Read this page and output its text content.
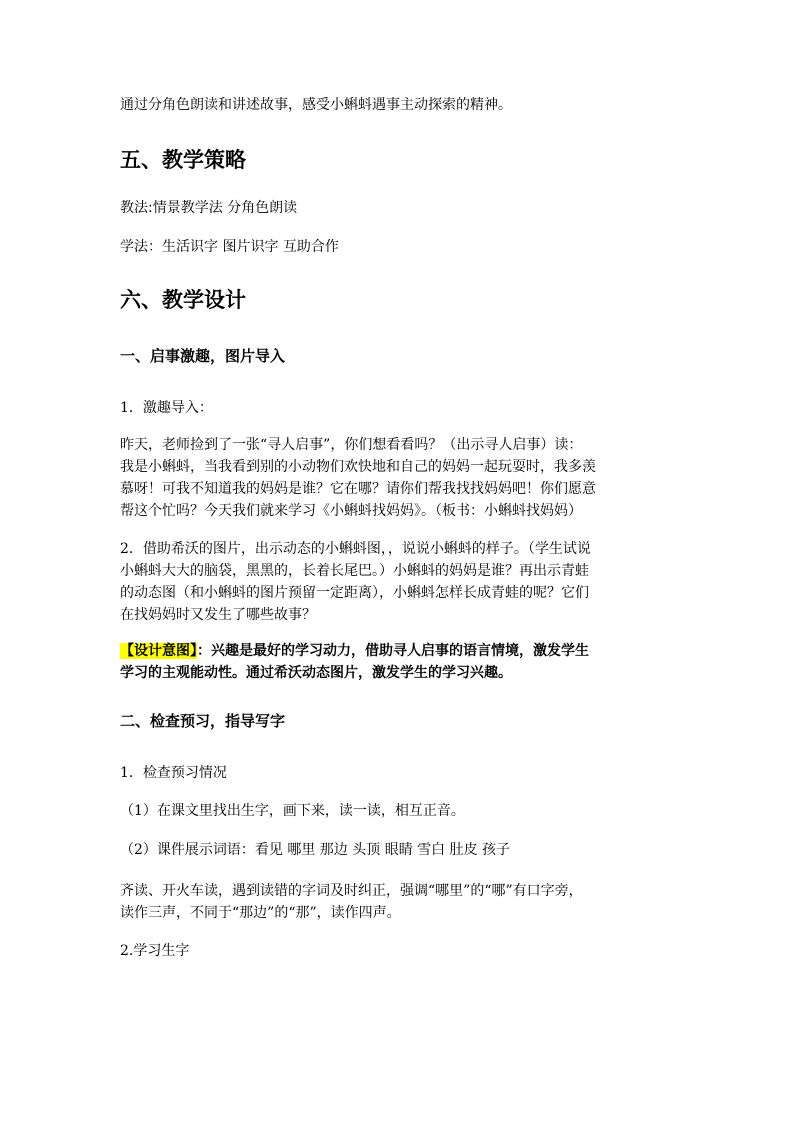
通过分角色朗读和讲述故事，感受小蝌蚪遇事主动探索的精神。
五、教学策略
教法:情景教学法 分角色朗读
学法：生活识字 图片识字 互助合作
六、教学设计
一、启事激趣，图片导入
1．激趣导入：
昨天，老师捡到了一张“寻人启事”，你们想看看吗？（出示寻人启事）读：
我是小蝌蚪，当我看到别的小动物们欢快地和自己的妈妈一起玩耍时，我多羡
慕呀！可我不知道我的妈妈是谁？它在哪？请你们帮我找找妈妈吧！你们愿意
帮这个忙吗？今天我们就来学习《小蝌蚪找妈妈》。（板书：小蝌蚪找妈妈）
2．借助希沃的图片，出示动态的小蝌蚪图，，说说小蝌蚪的样子。（学生试说
小蝌蚪大大的脑袋，黑黑的，长着长尾巴。）小蝌蚪的妈妈是谁？再出示青蛙
的动态图（和小蝌蚪的图片预留一定距离），小蝌蚪怎样长成青蛙的呢？它们
在找妈妈时又发生了哪些故事？
【设计意图】：兴趣是最好的学习动力，借助寻人启事的语言情境，激发学生
学习的主观能动性。通过希沃动态图片，激发学生的学习兴趣。
二、检查预习，指导写字
1．检查预习情况
（1）在课文里找出生字，画下来，读一读，相互正音。
（2）课件展示词语：看见 哪里 那边 头顶 眼睛 雪白 肚皮 孩子
齐读、开火车读，遇到读错的字词及时纠正，强调“哪里”的“哪”有口字旁，
读作三声，不同于“那边”的“那”，读作四声。
2.学习生字
